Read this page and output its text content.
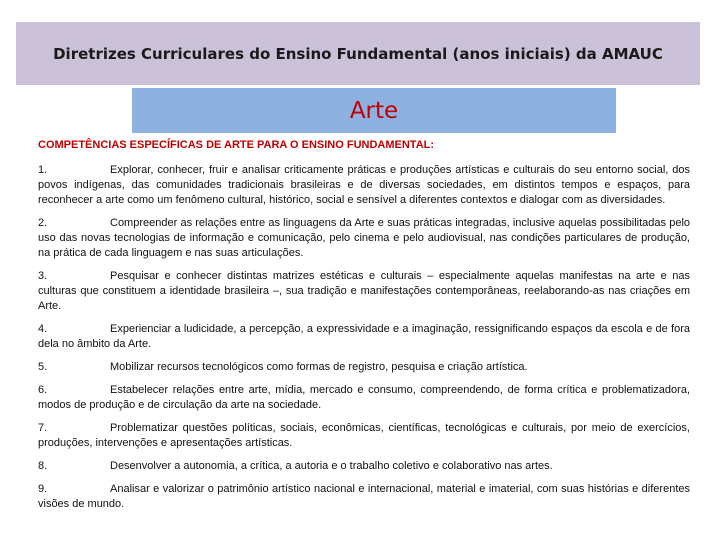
Diretrizes Curriculares do Ensino Fundamental (anos iniciais) da AMAUC
Arte

COMPETÊNCIAS ESPECÍFICAS DE ARTE PARA O ENSINO FUNDAMENTAL:

1.	Explorar, conhecer, fruir e analisar criticamente práticas e produções artísticas e culturais do seu entorno social, dos povos indígenas, das comunidades tradicionais brasileiras e de diversas sociedades, em distintos tempos e espaços, para reconhecer a arte como um fenômeno cultural, histórico, social e sensível a diferentes contextos e dialogar com as diversidades.

2.	Compreender as relações entre as linguagens da Arte e suas práticas integradas, inclusive aquelas possibilitadas pelo uso das novas tecnologias de informação e comunicação, pelo cinema e pelo audiovisual, nas condições particulares de produção, na prática de cada linguagem e nas suas articulações.

3.	Pesquisar e conhecer distintas matrizes estéticas e culturais – especialmente aquelas manifestas na arte e nas culturas que constituem a identidade brasileira –, sua tradição e manifestações contemporâneas, reelaborando-as nas criações em Arte.

4.	Experienciar a ludicidade, a percepção, a expressividade e a imaginação, ressignificando espaços da escola e de fora dela no âmbito da Arte.

5.	Mobilizar recursos tecnológicos como formas de registro, pesquisa e criação artística.

6.	Estabelecer relações entre arte, mídia, mercado e consumo, compreendendo, de forma crítica e problematizadora, modos de produção e de circulação da arte na sociedade.

7.	Problematizar questões políticas, sociais, econômicas, científicas, tecnológicas e culturais, por meio de exercícios, produções, intervenções e apresentações artísticas.

8.	Desenvolver a autonomia, a crítica, a autoria e o trabalho coletivo e colaborativo nas artes.

9.	Analisar e valorizar o patrimônio artístico nacional e internacional, material e imaterial, com suas histórias e diferentes visões de mundo.
